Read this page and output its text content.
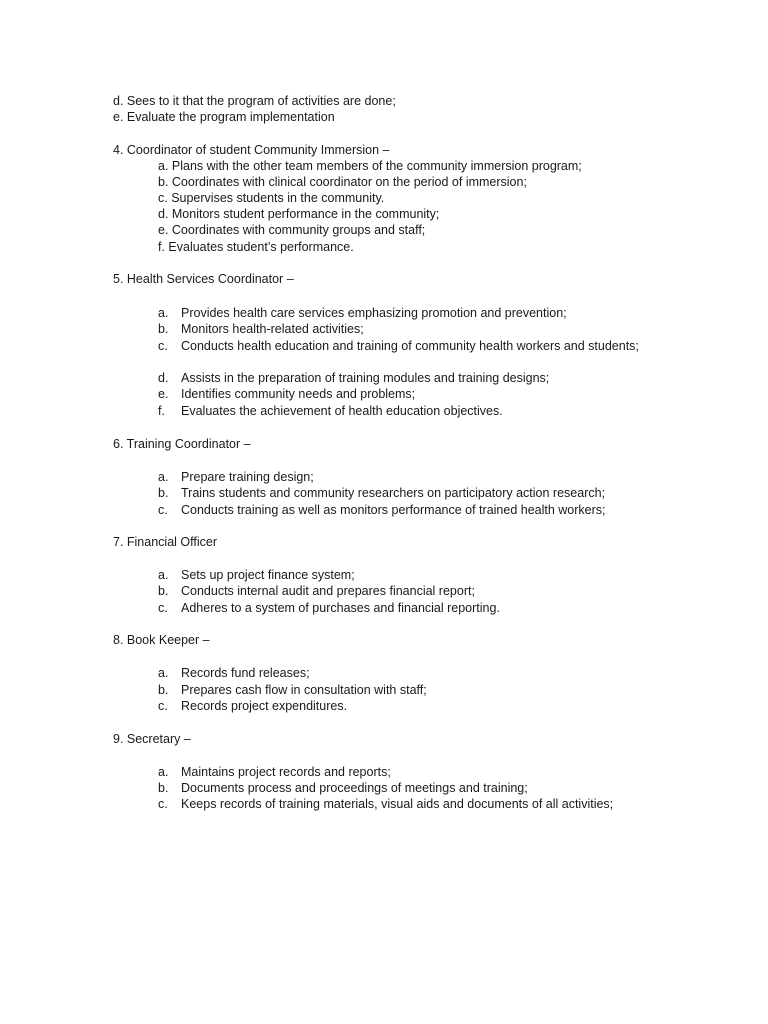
d. Sees to it that the program of activities are done;
e. Evaluate the program implementation
4. Coordinator of student Community Immersion –
a. Plans with the other team members of the community immersion program;
b. Coordinates with clinical coordinator on the period of immersion;
c. Supervises students in the community.
d. Monitors student performance in the community;
e. Coordinates with community groups and staff;
f. Evaluates student’s performance.
5. Health Services Coordinator –
a. Provides health care services emphasizing promotion and prevention;
b. Monitors health-related activities;
c. Conducts health education and training of community health workers and students;
d. Assists in the preparation of training modules and training designs;
e. Identifies community needs and problems;
f. Evaluates the achievement of health education objectives.
6. Training Coordinator –
a. Prepare training design;
b. Trains students and community researchers on participatory action research;
c. Conducts training as well as monitors performance of trained health workers;
7. Financial Officer
a. Sets up project finance system;
b. Conducts internal audit and prepares financial report;
c. Adheres to a system of purchases and financial reporting.
8. Book Keeper –
a. Records fund releases;
b. Prepares cash flow in consultation with staff;
c. Records project expenditures.
9. Secretary –
a. Maintains project records and reports;
b. Documents process and proceedings of meetings and training;
c. Keeps records of training materials, visual aids and documents of all activities;
